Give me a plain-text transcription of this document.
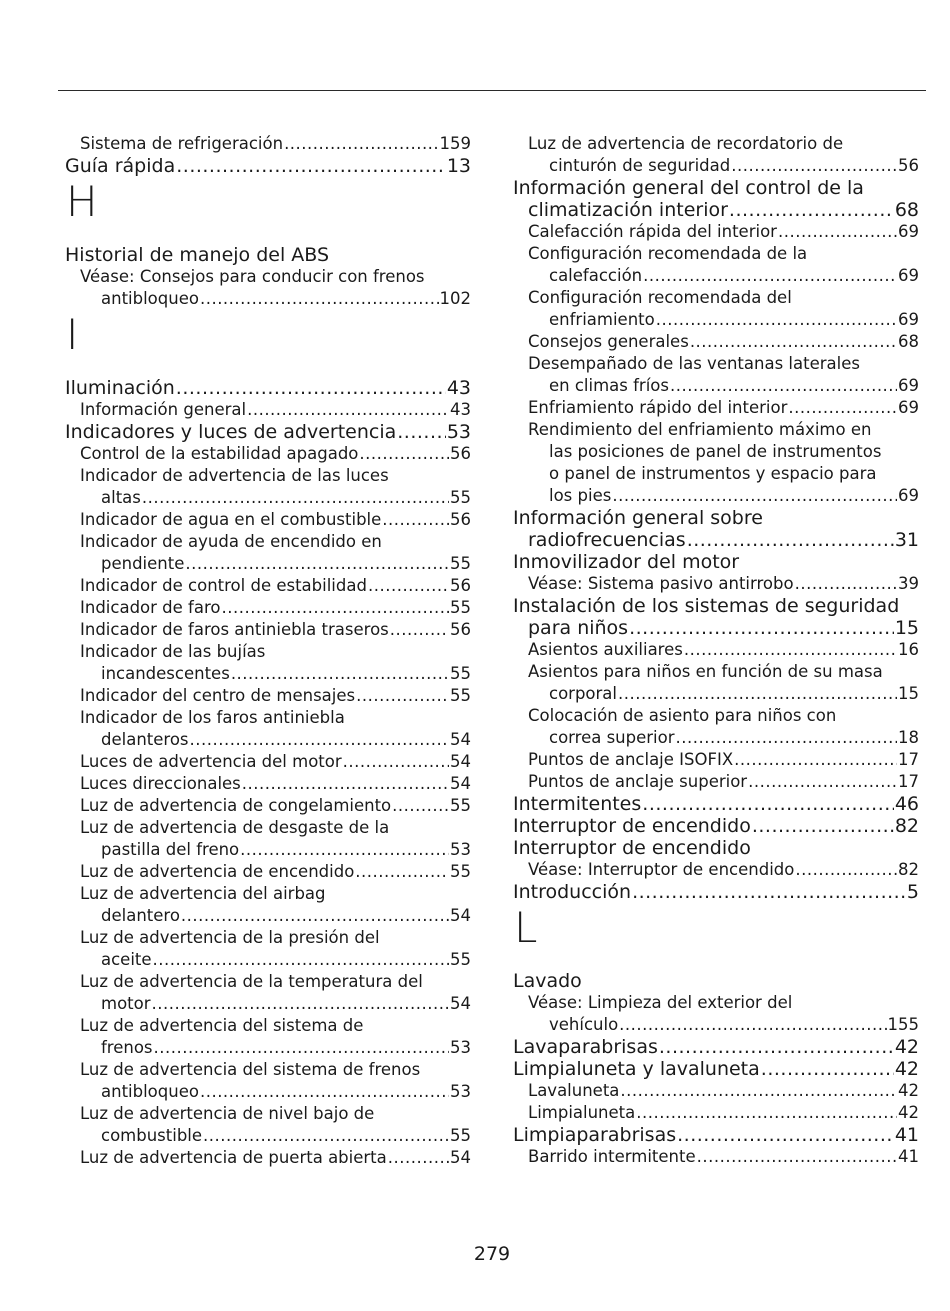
Sistema de refrigeración .....	159
Guía rápida .....	13
H
Historial de manejo del ABS
Véase: Consejos para conducir con frenos
antibloqueo .....	102
I
Iluminación .....	43
Información general .....	43
Indicadores y luces de advertencia .....	53
Control de la estabilidad apagado .....	56
Indicador de advertencia de las luces
altas .....	55
Indicador de agua en el combustible .....	56
Indicador de ayuda de encendido en
pendiente .....	55
Indicador de control de estabilidad .....	56
Indicador de faro .....	55
Indicador de faros antiniebla traseros .....	56
Indicador de las bujías
incandescentes .....	55
Indicador del centro de mensajes .....	55
Indicador de los faros antiniebla
delanteros .....	54
Luces de advertencia del motor .....	54
Luces direccionales .....	54
Luz de advertencia de congelamiento .....	55
Luz de advertencia de desgaste de la
pastilla del freno .....	53
Luz de advertencia de encendido .....	55
Luz de advertencia del airbag
delantero .....	54
Luz de advertencia de la presión del
aceite .....	55
Luz de advertencia de la temperatura del
motor .....	54
Luz de advertencia del sistema de
frenos .....	53
Luz de advertencia del sistema de frenos
antibloqueo .....	53
Luz de advertencia de nivel bajo de
combustible .....	55
Luz de advertencia de puerta abierta .....	54
Luz de advertencia de recordatorio de
cinturón de seguridad .....	56
Información general del control de la
climatización interior .....	68
Calefacción rápida del interior .....	69
Configuración recomendada de la
calefacción .....	69
Configuración recomendada del
enfriamiento .....	69
Consejos generales .....	68
Desempañado de las ventanas laterales
en climas fríos .....	69
Enfriamiento rápido del interior .....	69
Rendimiento del enfriamiento máximo en
las posiciones de panel de instrumentos
o panel de instrumentos y espacio para
los pies .....	69
Información general sobre
radiofrecuencias .....	31
Inmovilizador del motor
Véase: Sistema pasivo antirrobo .....	39
Instalación de los sistemas de seguridad
para niños .....	15
Asientos auxiliares .....	16
Asientos para niños en función de su masa
corporal .....	15
Colocación de asiento para niños con
correa superior .....	18
Puntos de anclaje ISOFIX .....	17
Puntos de anclaje superior .....	17
Intermitentes .....	46
Interruptor de encendido .....	82
Interruptor de encendido
Véase: Interruptor de encendido .....	82
Introducción .....	5
L
Lavado
Véase: Limpieza del exterior del
vehículo .....	155
Lavaparabrisas .....	42
Limpialuneta y lavaluneta .....	42
Lavaluneta .....	42
Limpialuneta .....	42
Limpiaparabrisas .....	41
Barrido intermitente .....	41
279
